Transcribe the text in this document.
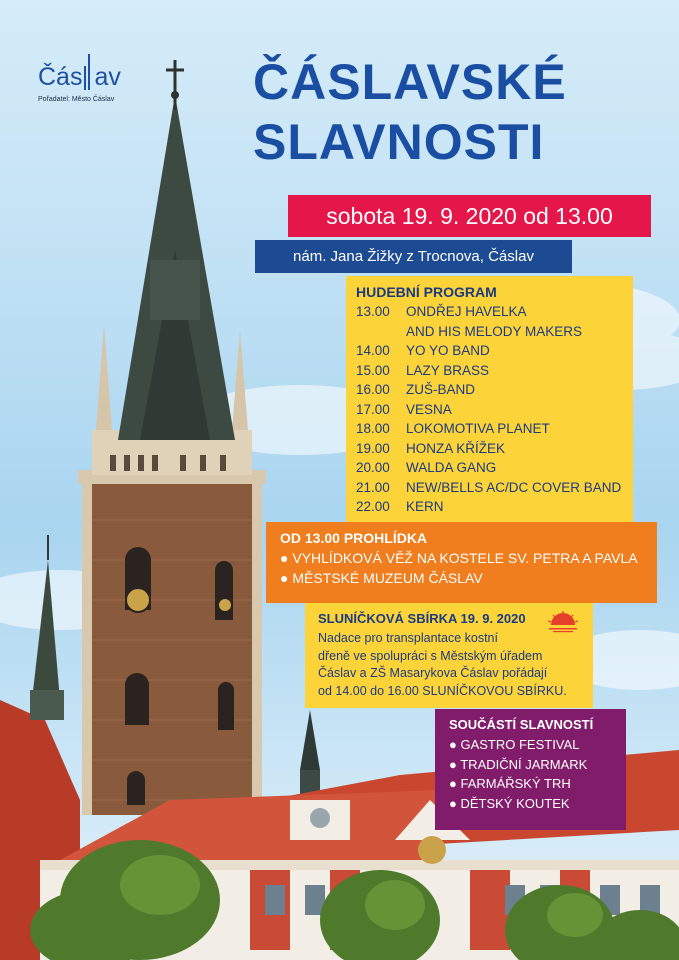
Čás av
Pořadatel: Město Čáslav	ČÁSLAVSKÉ
SLAVNOSTI
sobota 19. 9. 2020 od 13.00
nám. Jana Žižky z Trocnova, Čáslav
HUDEBNÍ PROGRAM
13.00	ONDŘEJ HAVELKA
AND HIS MELODY MAKERS
14.00	YO YO BAND
15.00	LAZY BRASS
16.00	ZUŠ-BAND
17.00	VESNA
18.00	LOKOMOTIVA PLANET
19.00	HONZA KŘÍŽEK
20.00	WALDA GANG
21.00	NEW/BELLS AC/DC COVER BAND
22.00	KERN
OD 13.00 PROHLÍDKA
● VYHLÍDKOVÁ VĚŽ NA KOSTELE SV. PETRA A PAVLA
● MĚSTSKÉ MUZEUM ČÁSLAV
SLUNÍČKOVÁ SBÍRKA 19. 9. 2020

Nadace pro transplantace kostní

dřeně ve spolupráci s Městským úřadem

Čáslav a ZŠ Masarykova Čáslav pořádají

od 14.00 do 16.00 SLUNÍČKOVOU SBÍRKU.

SOUČÁSTÍ SLAVNOSTÍ
● GASTRO FESTIVAL
● TRADIČNÍ JARMARK
● FARMÁŘSKÝ TRH
● DĚTSKÝ KOUTEK
